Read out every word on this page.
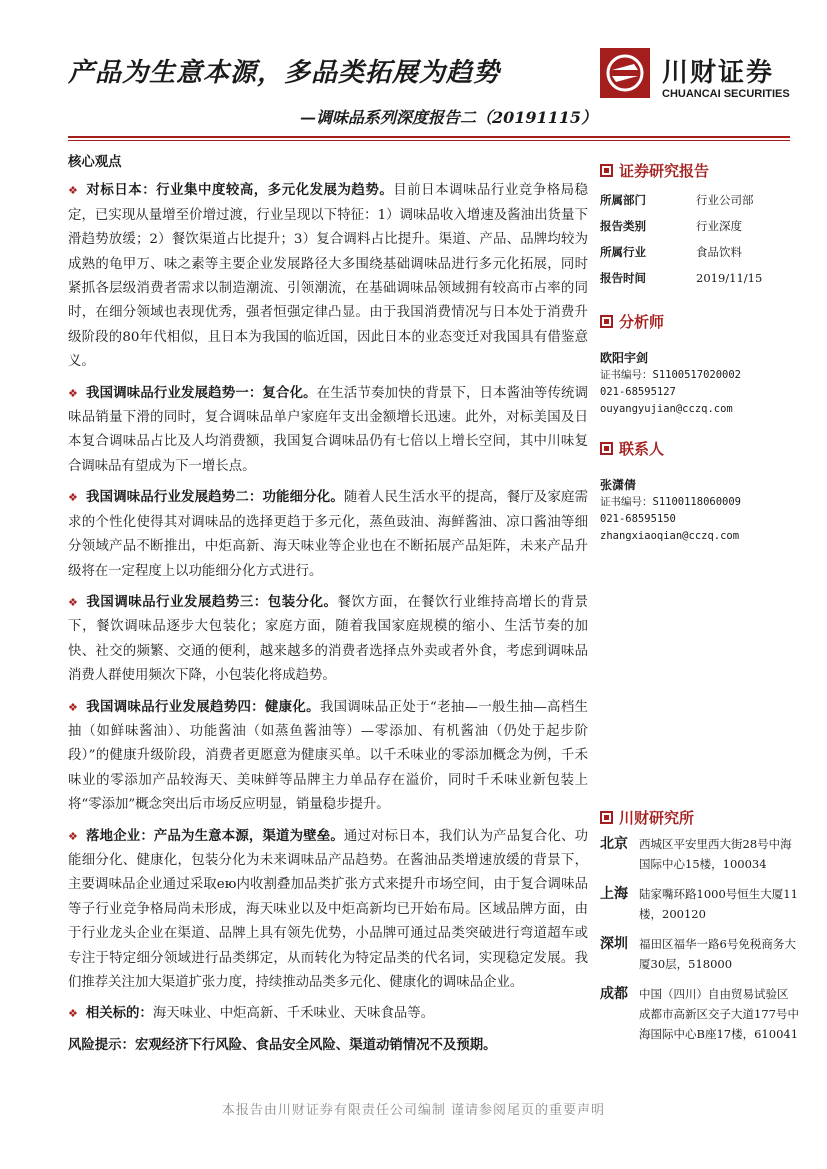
产品为生意本源，多品类拓展为趋势
—调味品系列深度报告二（20191115）
川财证券
CHUANCAI SECURITIES
核心观点
❖ 对标日本：行业集中度较高，多元化发展为趋势。目前日本调味品行业竞争格局稳定，已实现从量增至价增过渡，行业呈现以下特征：1）调味品收入增速及酱油出货量下滑趋势放缓；2）餐饮渠道占比提升；3）复合调料占比提升。渠道、产品、品牌均较为成熟的龟甲万、味之素等主要企业发展路径大多围绕基础调味品进行多元化拓展，同时紧抓各层级消费者需求以制造潮流、引领潮流，在基础调味品领域拥有较高市占率的同时，在细分领域也表现优秀，强者恒强定律凸显。由于我国消费情况与日本处于消费升级阶段的80年代相似，且日本为我国的临近国，因此日本的业态变迁对我国具有借鉴意义。
❖ 我国调味品行业发展趋势一：复合化。在生活节奏加快的背景下，日本酱油等传统调味品销量下滑的同时，复合调味品单户家庭年支出金额增长迅速。此外，对标美国及日本复合调味品占比及人均消费额，我国复合调味品仍有七倍以上增长空间，其中川味复合调味品有望成为下一增长点。
❖ 我国调味品行业发展趋势二：功能细分化。随着人民生活水平的提高，餐厅及家庭需求的个性化使得其对调味品的选择更趋于多元化，蒸鱼豉油、海鲜酱油、凉口酱油等细分领域产品不断推出，中炬高新、海天味业等企业也在不断拓展产品矩阵，未来产品升级将在一定程度上以功能细分化方式进行。
❖ 我国调味品行业发展趋势三：包装分化。餐饮方面，在餐饮行业维持高增长的背景下，餐饮调味品逐步大包装化；家庭方面，随着我国家庭规模的缩小、生活节奏的加快、社交的频繁、交通的便利，越来越多的消费者选择点外卖或者外食，考虑到调味品消费人群使用频次下降，小包装化将成趋势。
❖ 我国调味品行业发展趋势四：健康化。我国调味品正处于“老抽—一般生抽—高档生抽（如鲜味酱油）、功能酱油（如蒸鱼酱油等）—零添加、有机酱油（仍处于起步阶段）”的健康升级阶段，消费者更愿意为健康买单。以千禾味业的零添加概念为例，千禾味业的零添加产品较海天、美味鲜等品牌主力单品存在溢价，同时千禾味业新包装上将“零添加”概念突出后市场反应明显，销量稳步提升。
❖ 落地企业：产品为生意本源，渠道为壁垒。通过对标日本，我们认为产品复合化、功能细分化、健康化，包装分化为未来调味品产品趋势。在酱油品类增速放缓的背景下，主要调味品企业通过采取ею内收割叠加品类扩张方式来提升市场空间，由于复合调味品等子行业竞争格局尚未形成，海天味业以及中炬高新均已开始布局。区域品牌方面，由于行业龙头企业在渠道、品牌上具有领先优势，小品牌可通过品类突破进行弯道超车或专注于特定细分领域进行品类绑定，从而转化为特定品类的代名词，实现稳定发展。我们推荐关注加大渠道扩张力度，持续推动品类多元化、健康化的调味品企业。
❖ 相关标的：海天味业、中炬高新、千禾味业、天味食品等。
风险提示：宏观经济下行风险、食品安全风险、渠道动销情况不及预期。
证券研究报告
所属部门	行业公司部
报告类别	行业深度
所属行业	食品饮料
报告时间	2019/11/15
分析师
欧阳宇剑
证书编号：S1100517020002
021-68595127
ouyangyujian@cczq.com
联系人
张潇倩
证书编号：S1100118060009
021-68595150
zhangxiaoqian@cczq.com
川财研究所
北京 西城区平安里西大街28号中海国际中心15楼，100034
上海 陆家嘴环路1000号恒生大厦11楼，200120
深圳 福田区福华一路6号免税商务大厦30层，518000
成都 中国（四川）自由贸易试验区成都市高新区交子大道177号中海国际中心B座17楼，610041
本报告由川财证券有限责任公司编制 谨请参阅尾页的重要声明
